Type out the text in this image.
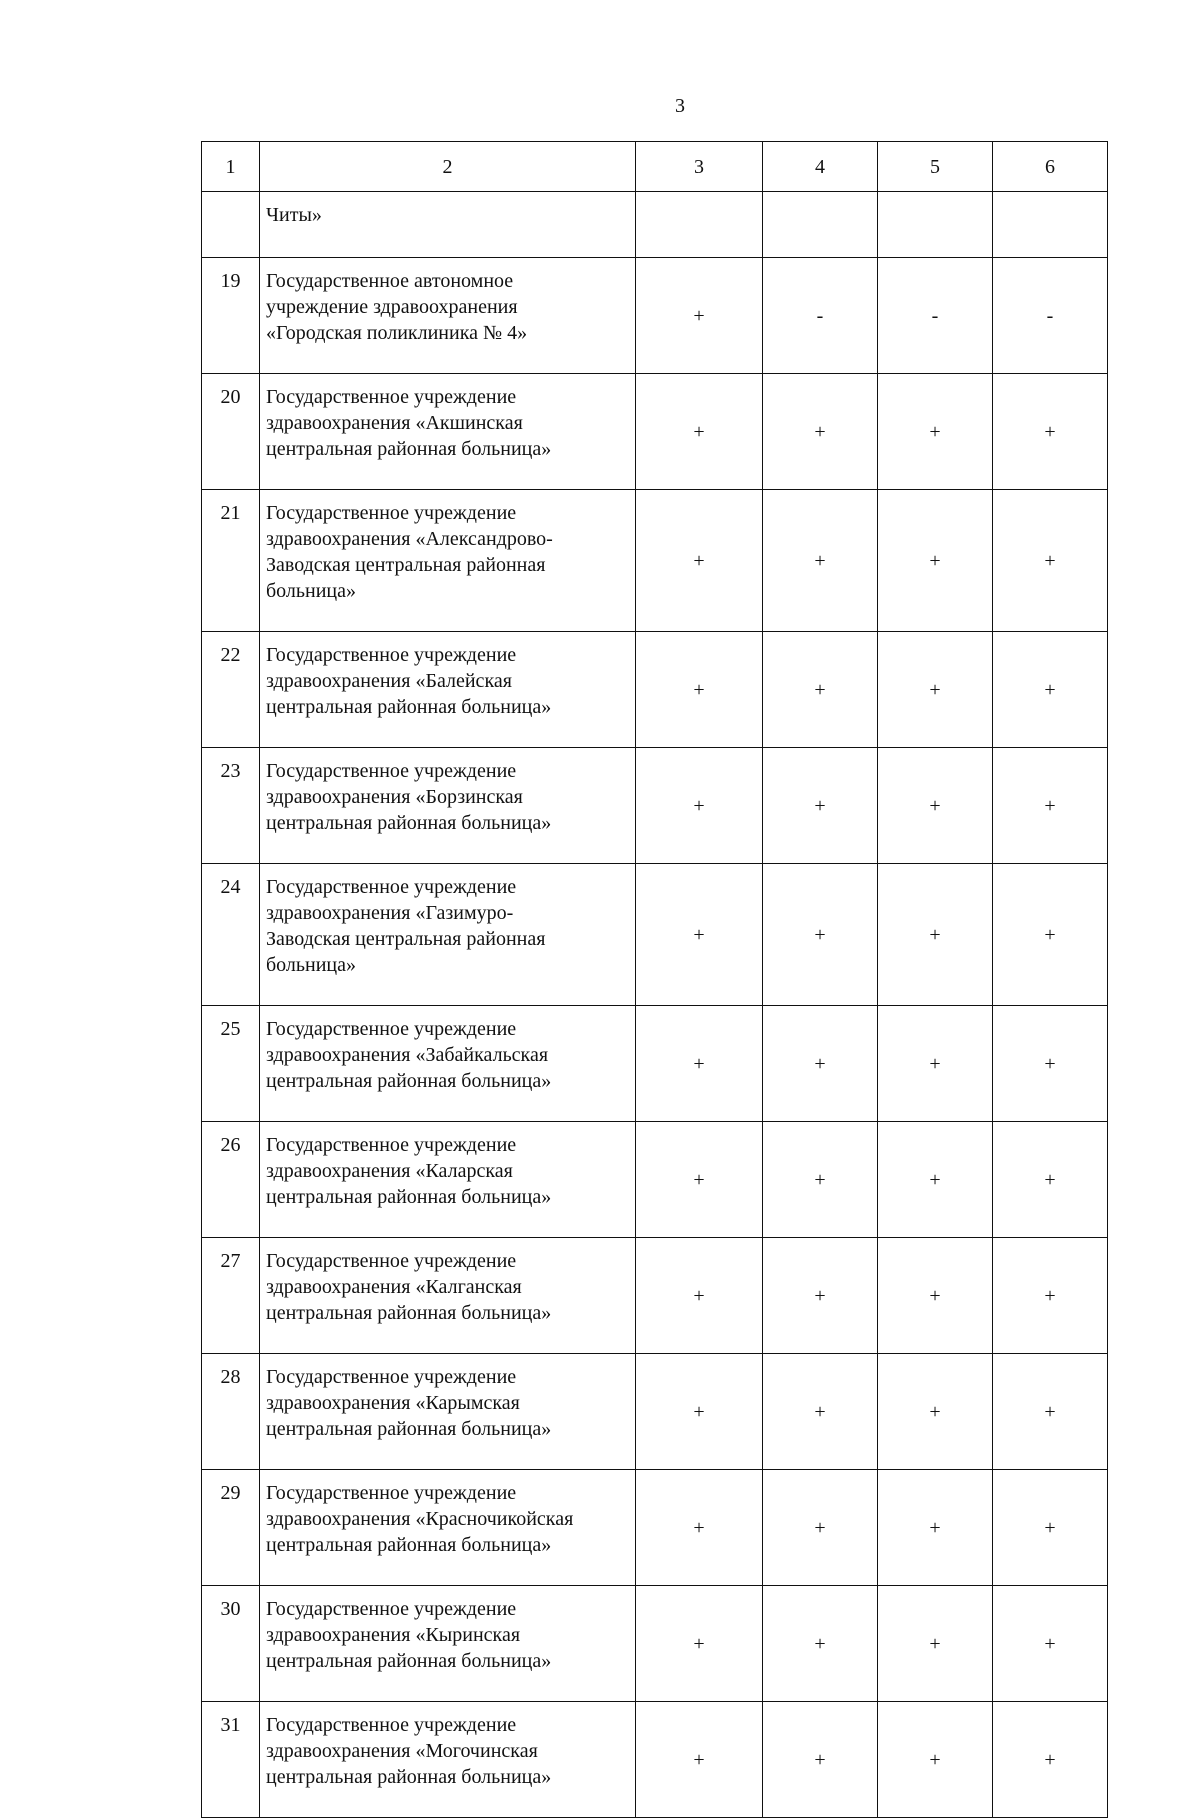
3
1	2	3	4	5	6

	Читы»				

19	Государственное автономное
учреждение здравоохранения
«Городская поликлиника № 4»	+	-	-	-
20	Государственное учреждение
здравоохранения «Акшинская
центральная районная больница»	+	+	+	+
21	Государственное учреждение
здравоохранения «Александрово-
Заводская центральная районная
больница»	+	+	+	+
22	Государственное учреждение
здравоохранения «Балейская
центральная районная больница»	+	+	+	+
23	Государственное учреждение
здравоохранения «Борзинская
центральная районная больница»	+	+	+	+
24	Государственное учреждение
здравоохранения «Газимуро-
Заводская центральная районная
больница»	+	+	+	+
25	Государственное учреждение
здравоохранения «Забайкальская
центральная районная больница»	+	+	+	+
26	Государственное учреждение
здравоохранения «Каларская
центральная районная больница»	+	+	+	+
27	Государственное учреждение
здравоохранения «Калганская
центральная районная больница»	+	+	+	+
28	Государственное учреждение
здравоохранения «Карымская
центральная районная больница»	+	+	+	+
29	Государственное учреждение
здравоохранения «Красночикойская
центральная районная больница»	+	+	+	+
30	Государственное учреждение
здравоохранения «Кыринская
центральная районная больница»	+	+	+	+
31	Государственное учреждение
здравоохранения «Могочинская
центральная районная больница»	+	+	+	+
